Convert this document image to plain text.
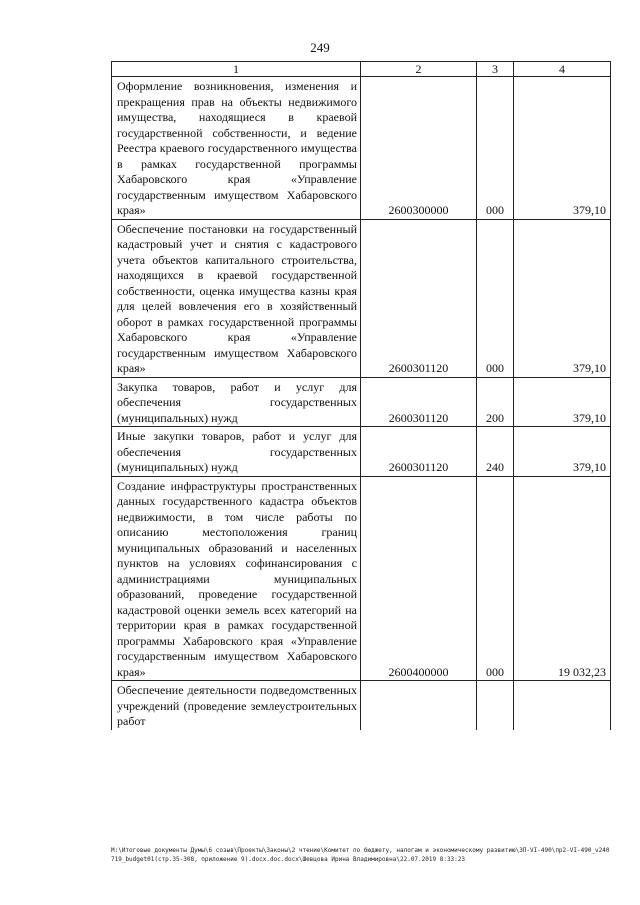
249
1	2	3	4
Оформление возникновения, изменения и прекращения прав на объекты недвижимого имущества, находящиеся в краевой государственной собственности, и ведение Реестра краевого государственного имущества в рамках государственной программы Хабаровского края «Управление государственным имуществом Хабаровского края»	2600300000	000	379,10
Обеспечение постановки на государственный кадастровый учет и снятия с кадастрового учета объектов капитального строительства, находящихся в краевой государственной собственности, оценка имущества казны края для целей вовлечения его в хозяйственный оборот в рамках государственной программы Хабаровского края «Управление государственным имуществом Хабаровского края»	2600301120	000	379,10
Закупка товаров, работ и услуг для обеспечения государственных (муниципальных) нужд	2600301120	200	379,10
Иные закупки товаров, работ и услуг для обеспечения государственных (муниципальных) нужд	2600301120	240	379,10
Создание инфраструктуры пространственных данных государственного кадастра объектов недвижимости, в том числе работы по описанию местоположения границ муниципальных образований и населенных пунктов на условиях софинансирования с администрациями муниципальных образований, проведение государственной кадастровой оценки земель всех категорий на территории края в рамках государственной программы Хабаровского края «Управление государственным имуществом Хабаровского края»	2600400000	000	19 032,23
Обеспечение деятельности подведомственных учреждений (проведение землеустроительных работ			
M:\Итоговые документы Думы\6 созыв\Проекты\Законы\2 чтение\Комитет по бюджету, налогам и экономическому развитию\ЗП-VI-490\пр2-VI-490_v240719_budget01(стр.35-308, приложение 9).docx.doc.docx\Шевцова Ирина Владимировна\22.07.2019 8:33:23
